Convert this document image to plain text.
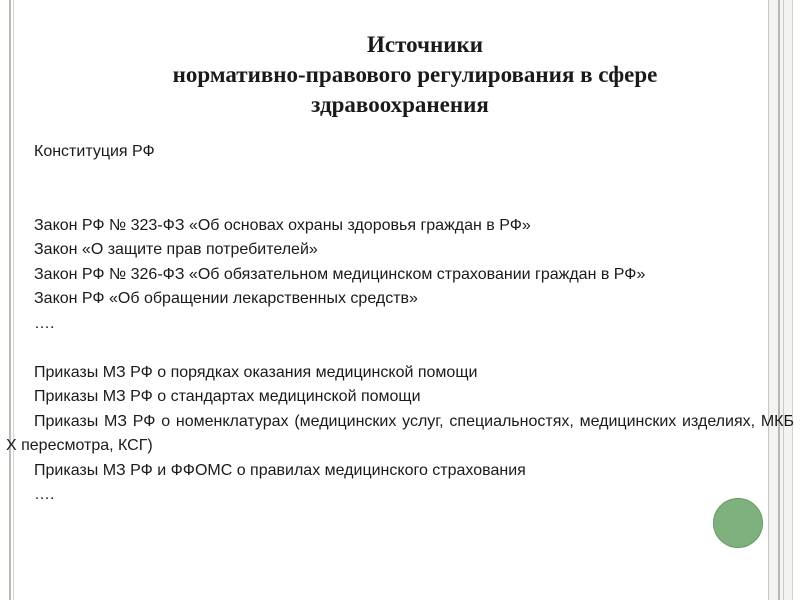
Источники
нормативно-правового регулирования в сфере
здравоохранения
Конституция РФ
Закон РФ № 323-ФЗ «Об основах охраны здоровья граждан в РФ»
Закон «О защите прав потребителей»
Закон РФ № 326-ФЗ «Об обязательном медицинском страховании граждан в РФ»
Закон РФ «Об обращении лекарственных средств»
….
Приказы МЗ РФ о порядках оказания медицинской помощи
Приказы МЗ РФ о стандартах медицинской помощи
Приказы МЗ РФ о номенклатурах (медицинских услуг, специальностях, медицинских изделиях, МКБ X пересмотра, КСГ)
Приказы МЗ РФ и ФФОМС о правилах медицинского страхования
….
